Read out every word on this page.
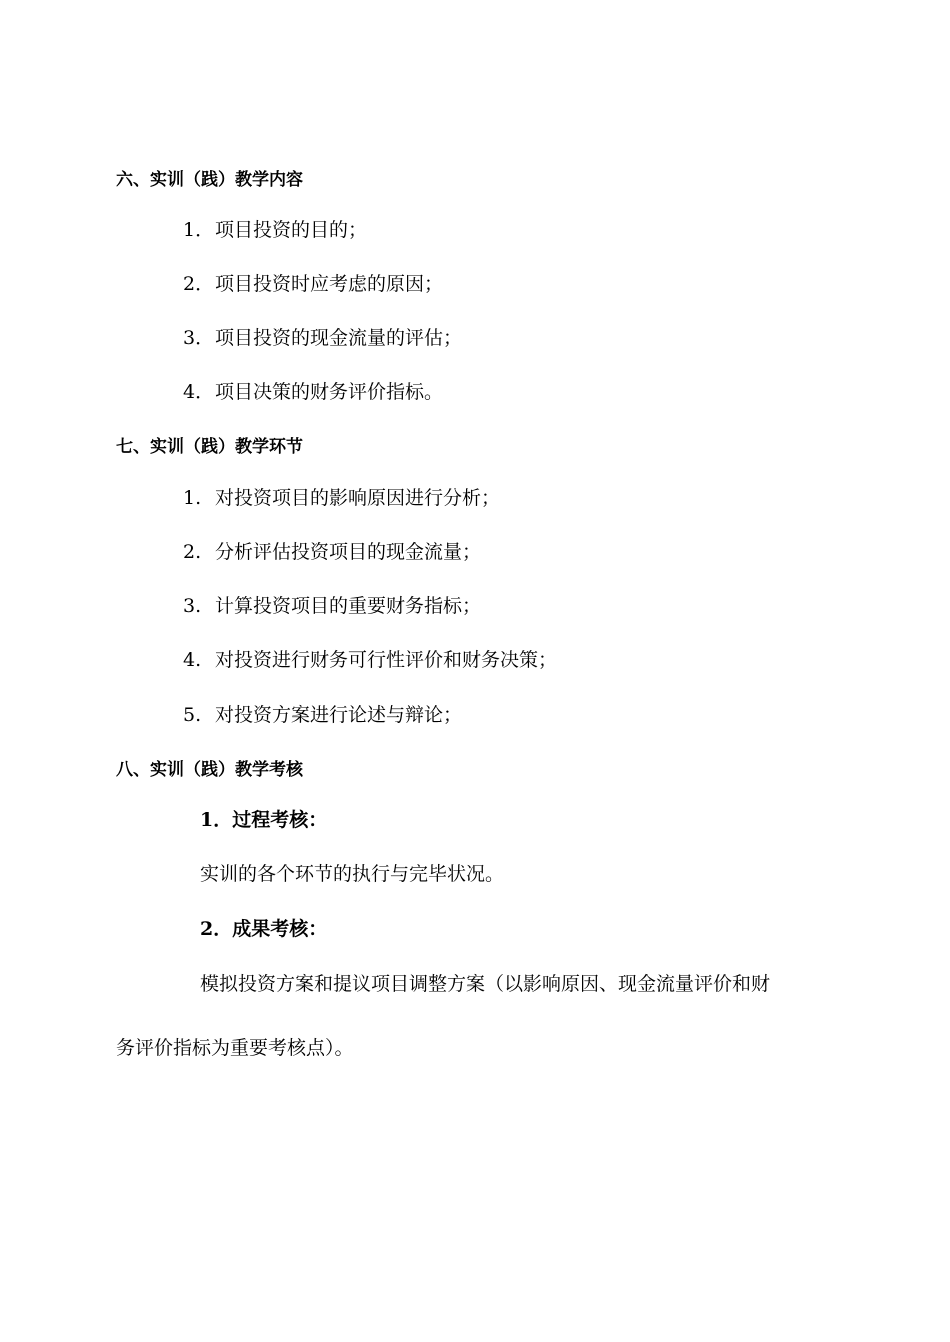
六、实训（践）教学内容
1．项目投资的目的；
2．项目投资时应考虑的原因；
3．项目投资的现金流量的评估；
4．项目决策的财务评价指标。
七、实训（践）教学环节
1. 对投资项目的影响原因进行分析；
2. 分析评估投资项目的现金流量；
3. 计算投资项目的重要财务指标；
4. 对投资进行财务可行性评价和财务决策；
5. 对投资方案进行论述与辩论；
八、实训（践）教学考核
1．过程考核：
实训的各个环节的执行与完毕状况。
2．成果考核：
模拟投资方案和提议项目调整方案（以影响原因、现金流量评价和财
务评价指标为重要考核点）。
